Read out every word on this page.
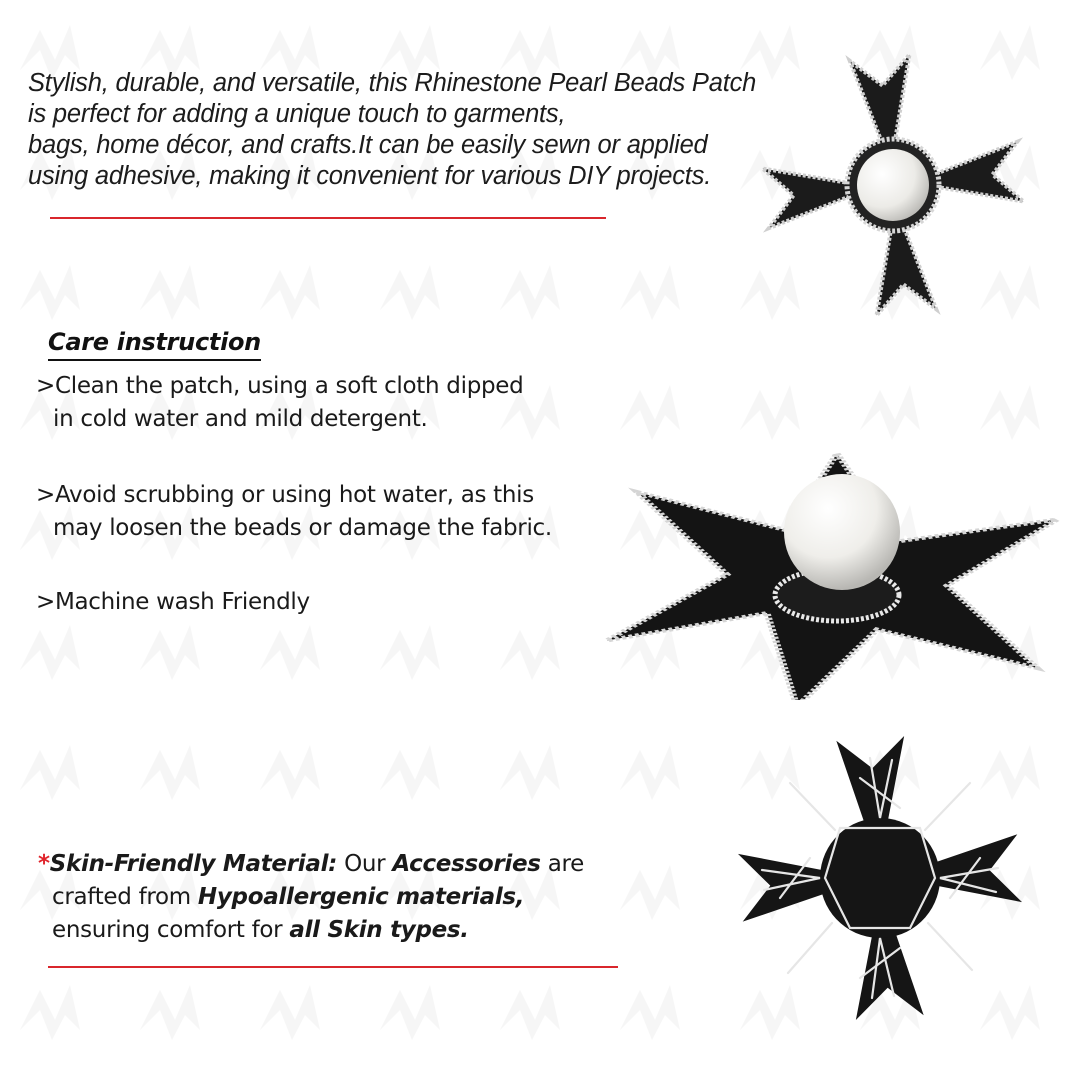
Stylish, durable, and versatile, this Rhinestone Pearl Beads Patch
is perfect for adding a unique touch to garments,
bags, home décor, and crafts.It can be easily sewn or applied
using adhesive, making it convenient for various DIY projects.
Care instruction
>Clean the patch, using a soft cloth dipped
in cold water and mild detergent.
>Avoid scrubbing or using hot water, as this
may loosen the beads or damage the fabric.
>Machine wash Friendly
*Skin-Friendly Material: Our Accessories are
crafted from Hypoallergenic materials,
ensuring comfort for all Skin types.
